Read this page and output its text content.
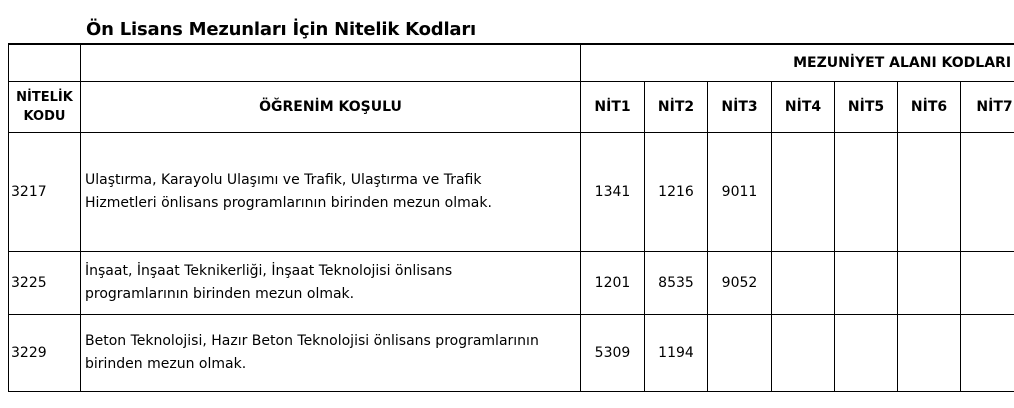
Ön Lisans Mezunları İçin Nitelik Kodları
		MEZUNİYET ALANI KODLARI						

NİTELİK
KODU	ÖĞRENİM KOŞULU	NİT1	NİT2	NİT3	NİT4	NİT5	NİT6	NİT7
3217	Ulaştırma, Karayolu Ulaşımı ve Trafik, Ulaştırma ve Trafik Hizmetleri önlisans programlarının birinden mezun olmak.	1341	1216	9011				
3225	İnşaat, İnşaat Teknikerliği, İnşaat Teknolojisi önlisans programlarının birinden mezun olmak.	1201	8535	9052				
3229	Beton Teknolojisi, Hazır Beton Teknolojisi önlisans programlarının birinden mezun olmak.	5309	1194					
